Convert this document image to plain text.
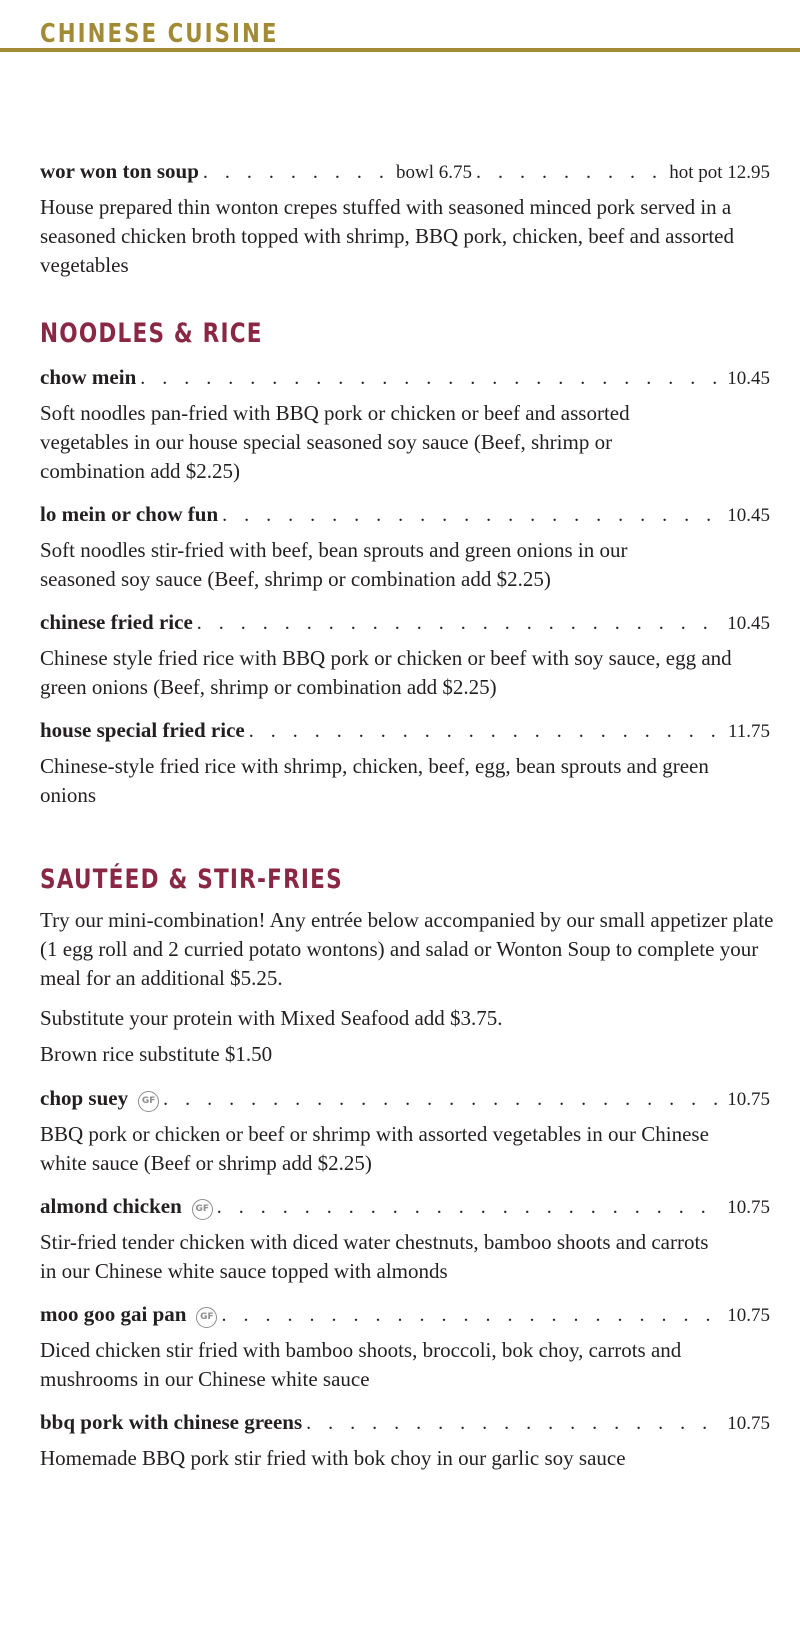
CHINESE CUISINE
wor won ton soup . . .	bowl 6.75 . . .	hot pot 12.95
House prepared thin wonton crepes stuffed with seasoned minced pork served in a seasoned chicken broth topped with shrimp, BBQ pork, chicken, beef and assorted vegetables
NOODLES & RICE
chow mein . . .	10.45
Soft noodles pan-fried with BBQ pork or chicken or beef and assorted vegetables in our house special seasoned soy sauce (Beef, shrimp or combination add $2.25)
lo mein or chow fun . . .	10.45
Soft noodles stir-fried with beef, bean sprouts and green onions in our seasoned soy sauce (Beef, shrimp or combination add $2.25)
chinese fried rice . . .	10.45
Chinese style fried rice with BBQ pork or chicken or beef with soy sauce, egg and green onions (Beef, shrimp or combination add $2.25)
house special fried rice . . .	11.75
Chinese-style fried rice with shrimp, chicken, beef, egg, bean sprouts and green onions
SAUTÉED & STIR-FRIES
Try our mini-combination! Any entrée below accompanied by our small appetizer plate (1 egg roll and 2 curried potato wontons) and salad or Wonton Soup to complete your meal for an additional $5.25.
Substitute your protein with Mixed Seafood add $3.75.
Brown rice substitute $1.50
chop suey	GF . . .	10.75
BBQ pork or chicken or beef or shrimp with assorted vegetables in our Chinese white sauce (Beef or shrimp add $2.25)
almond chicken	GF . . .	10.75
Stir-fried tender chicken with diced water chestnuts, bamboo shoots and carrots in our Chinese white sauce topped with almonds
moo goo gai pan	GF . . .	10.75
Diced chicken stir fried with bamboo shoots, broccoli, bok choy, carrots and mushrooms in our Chinese white sauce
bbq pork with chinese greens . . .	10.75
Homemade BBQ pork stir fried with bok choy in our garlic soy sauce
